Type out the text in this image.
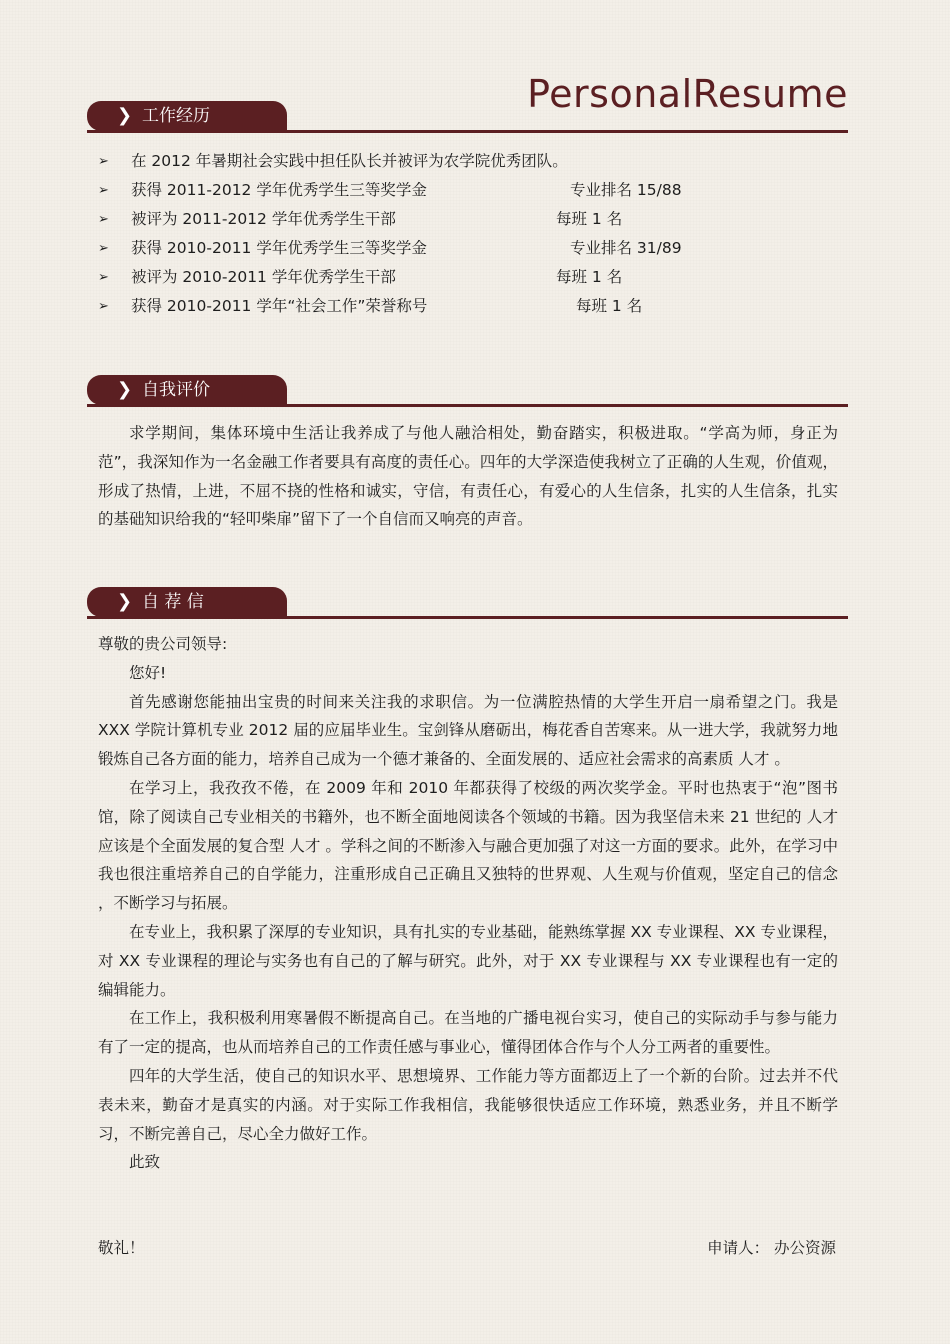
PersonalResume
❯ 工作经历
➢ 在 2012 年暑期社会实践中担任队长并被评为农学院优秀团队。
➢ 获得 2011-2012 学年优秀学生三等奖学金	专业排名 15/88
➢ 被评为 2011-2012 学年优秀学生干部	每班 1 名
➢ 获得 2010-2011 学年优秀学生三等奖学金	专业排名 31/89
➢ 被评为 2010-2011 学年优秀学生干部	每班 1 名
➢ 获得 2010-2011 学年“社会工作”荣誉称号	每班 1 名
❯ 自我评价

求学期间，集体环境中生活让我养成了与他人融洽相处，勤奋踏实，积极进取。“学高为师，身正为范”，我深知作为一名金融工作者要具有高度的责任心。四年的大学深造使我树立了正确的人生观，价值观，形成了热情，上进，不屈不挠的性格和诚实，守信，有责任心，有爱心的人生信条，扎实的人生信条，扎实的基础知识给我的“轻叩柴扉”留下了一个自信而又响亮的声音。

❯ 自 荐 信

尊敬的贵公司领导:

您好!

首先感谢您能抽出宝贵的时间来关注我的求职信。为一位满腔热情的大学生开启一扇希望之门。我是 XXX 学院计算机专业 2012 届的应届毕业生。宝剑锋从磨砺出，梅花香自苦寒来。从一进大学，我就努力地锻炼自己各方面的能力，培养自己成为一个德才兼备的、全面发展的、适应社会需求的高素质 人才 。

在学习上，我孜孜不倦，在 2009 年和 2010 年都获得了校级的两次奖学金。平时也热衷于“泡”图书馆，除了阅读自己专业相关的书籍外，也不断全面地阅读各个领域的书籍。因为我坚信未来 21 世纪的 人才 应该是个全面发展的复合型 人才 。学科之间的不断渗入与融合更加强了对这一方面的要求。此外，在学习中我也很注重培养自己的自学能力，注重形成自己正确且又独特的世界观、人生观与价值观，坚定自己的信念 ，不断学习与拓展。

在专业上，我积累了深厚的专业知识，具有扎实的专业基础，能熟练掌握 XX 专业课程、XX 专业课程，对 XX 专业课程的理论与实务也有自己的了解与研究。此外，对于 XX 专业课程与 XX 专业课程也有一定的编辑能力。

在工作上，我积极利用寒暑假不断提高自己。在当地的广播电视台实习，使自己的实际动手与参与能力有了一定的提高，也从而培养自己的工作责任感与事业心，懂得团体合作与个人分工两者的重要性。

四年的大学生活，使自己的知识水平、思想境界、工作能力等方面都迈上了一个新的台阶。过去并不代表未来，勤奋才是真实的内涵。对于实际工作我相信，我能够很快适应工作环境，熟悉业务，并且不断学习，不断完善自己，尽心全力做好工作。

此致

敬礼！	申请人： 办公资源
